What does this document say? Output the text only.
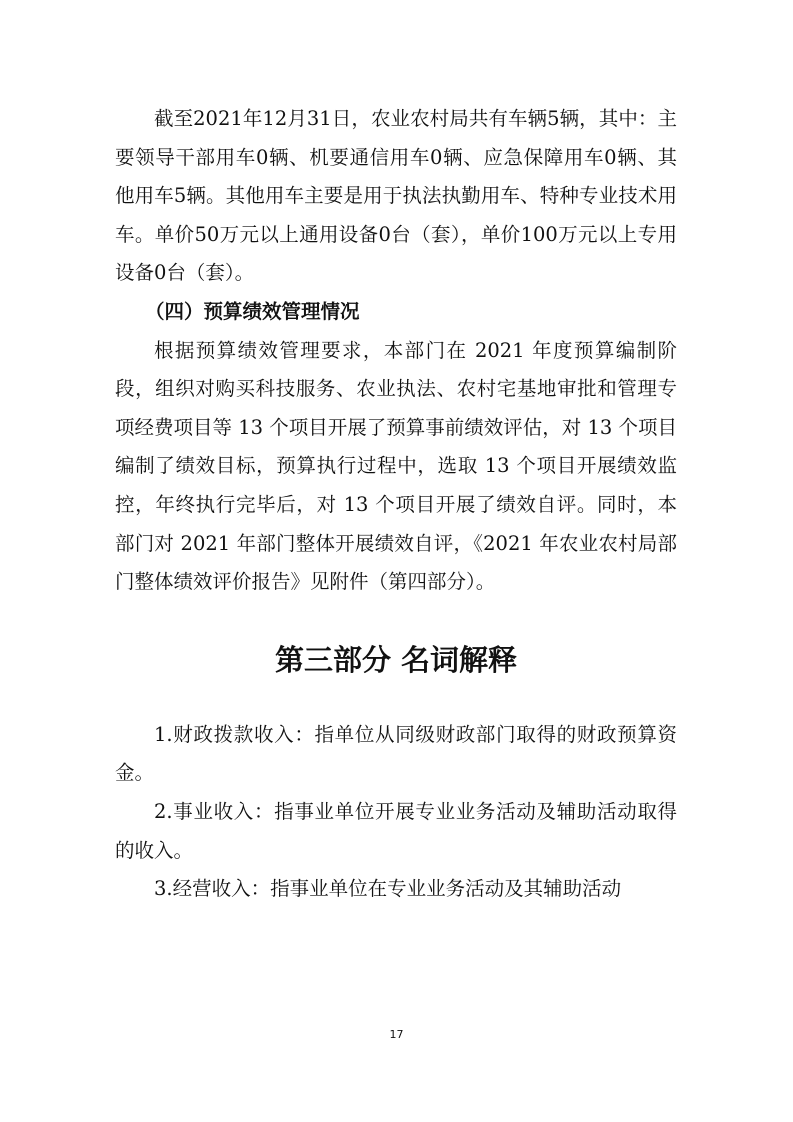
截至2021年12月31日，农业农村局共有车辆5辆，其中：主要领导干部用车0辆、机要通信用车0辆、应急保障用车0辆、其他用车5辆。其他用车主要是用于执法执勤用车、特种专业技术用车。单价50万元以上通用设备0台（套），单价100万元以上专用设备0台（套）。

（四）预算绩效管理情况

根据预算绩效管理要求，本部门在 2021 年度预算编制阶段，组织对购买科技服务、农业执法、农村宅基地审批和管理专项经费项目等 13 个项目开展了预算事前绩效评估，对 13 个项目编制了绩效目标，预算执行过程中，选取 13 个项目开展绩效监控，年终执行完毕后，对 13 个项目开展了绩效自评。同时，本部门对 2021 年部门整体开展绩效自评，《2021 年农业农村局部门整体绩效评价报告》见附件（第四部分）。

第三部分 名词解释

1.财政拨款收入：指单位从同级财政部门取得的财政预算资金。

2.事业收入：指事业单位开展专业业务活动及辅助活动取得的收入。

3.经营收入：指事业单位在专业业务活动及其辅助活动

17
